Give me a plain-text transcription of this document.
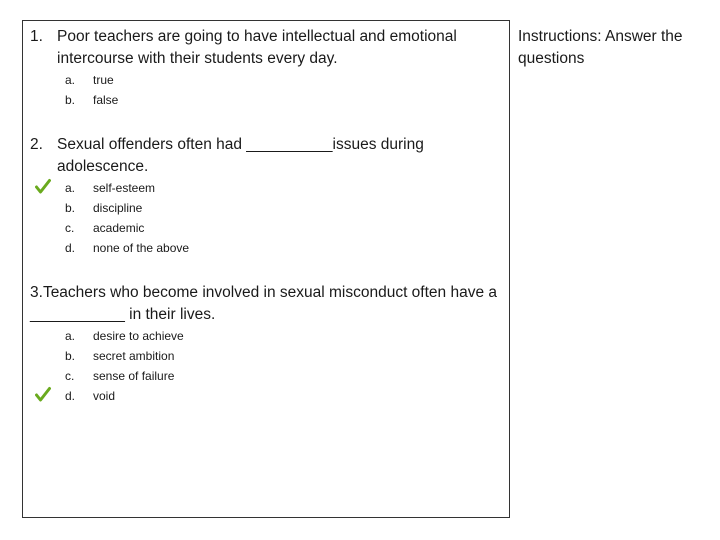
1. Poor teachers are going to have intellectual and emotional intercourse with their students every day.
a. true
b. false
2. Sexual offenders often had __________issues during adolescence.
a. self-esteem
b. discipline
c. academic
d. none of the above
3.Teachers who become involved in sexual misconduct often have a ___________ in their lives.
a. desire to achieve
b. secret ambition
c. sense of failure
d. void

Instructions: Answer the questions
